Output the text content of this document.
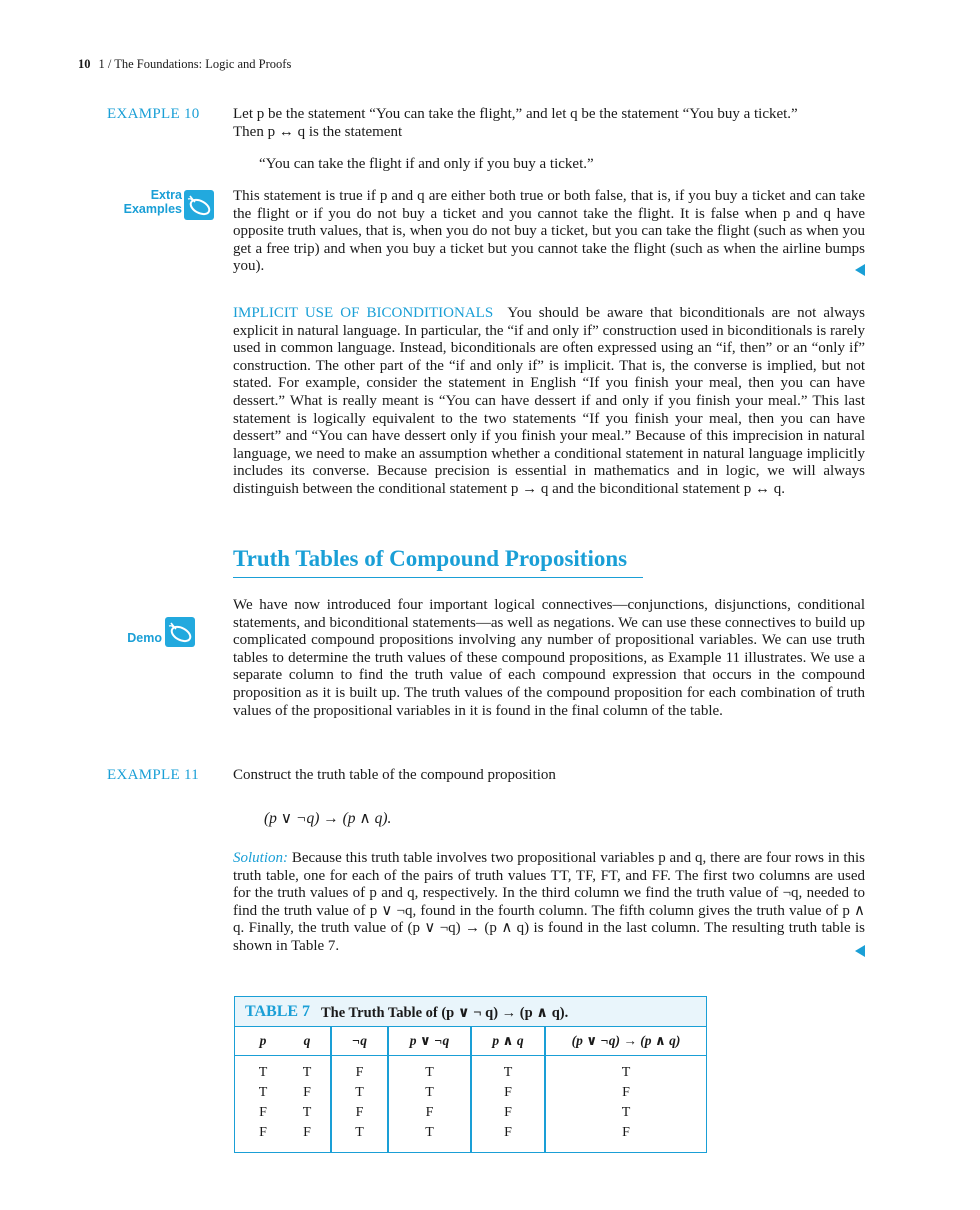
10 1 / The Foundations: Logic and Proofs
EXAMPLE 10 Let p be the statement “You can take the flight,” and let q be the statement “You buy a ticket.”
Then p ↔ q is the statement
“You can take the flight if and only if you buy a ticket.”
Extra Examples
This statement is true if p and q are either both true or both false, that is, if you buy a ticket and can take the flight or if you do not buy a ticket and you cannot take the flight. It is false when p and q have opposite truth values, that is, when you do not buy a ticket, but you can take the flight (such as when you get a free trip) and when you buy a ticket but you cannot take the flight (such as when the airline bumps you).
IMPLICIT USE OF BICONDITIONALS You should be aware that biconditionals are not always explicit in natural language. In particular, the “if and only if” construction used in biconditionals is rarely used in common language. Instead, biconditionals are often expressed using an “if, then” or an “only if” construction. The other part of the “if and only if” is implicit. That is, the converse is implied, but not stated. For example, consider the statement in English “If you finish your meal, then you can have dessert.” What is really meant is “You can have dessert if and only if you finish your meal.” This last statement is logically equivalent to the two statements “If you finish your meal, then you can have dessert” and “You can have dessert only if you finish your meal.” Because of this imprecision in natural language, we need to make an assumption whether a conditional statement in natural language implicitly includes its converse. Because precision is essential in mathematics and in logic, we will always distinguish between the conditional statement p → q and the biconditional statement p ↔ q.
Truth Tables of Compound Propositions
Demo
We have now introduced four important logical connectives—conjunctions, disjunctions, conditional statements, and biconditional statements—as well as negations. We can use these connectives to build up complicated compound propositions involving any number of propositional variables. We can use truth tables to determine the truth values of these compound propositions, as Example 11 illustrates. We use a separate column to find the truth value of each compound expression that occurs in the compound proposition as it is built up. The truth values of the compound proposition for each combination of truth values of the propositional variables in it is found in the final column of the table.
EXAMPLE 11 Construct the truth table of the compound proposition
(p ∨ ¬q) → (p ∧ q).
Solution: Because this truth table involves two propositional variables p and q, there are four rows in this truth table, one for each of the pairs of truth values TT, TF, FT, and FF. The first two columns are used for the truth values of p and q, respectively. In the third column we find the truth value of ¬q, needed to find the truth value of p ∨ ¬q, found in the fourth column. The fifth column gives the truth value of p ∧ q. Finally, the truth value of (p ∨ ¬q) → (p ∧ q) is found in the last column. The resulting truth table is shown in Table 7.
TABLE 7 The Truth Table of (p ∨ ¬ q) → (p ∧ q).
p	q	¬q	p ∨ ¬q	p ∧ q	(p ∨ ¬q) → (p ∧ q)
T	T	F	T	T	T
T	F	T	T	F	F
F	T	F	F	F	T
F	F	T	T	F	F
